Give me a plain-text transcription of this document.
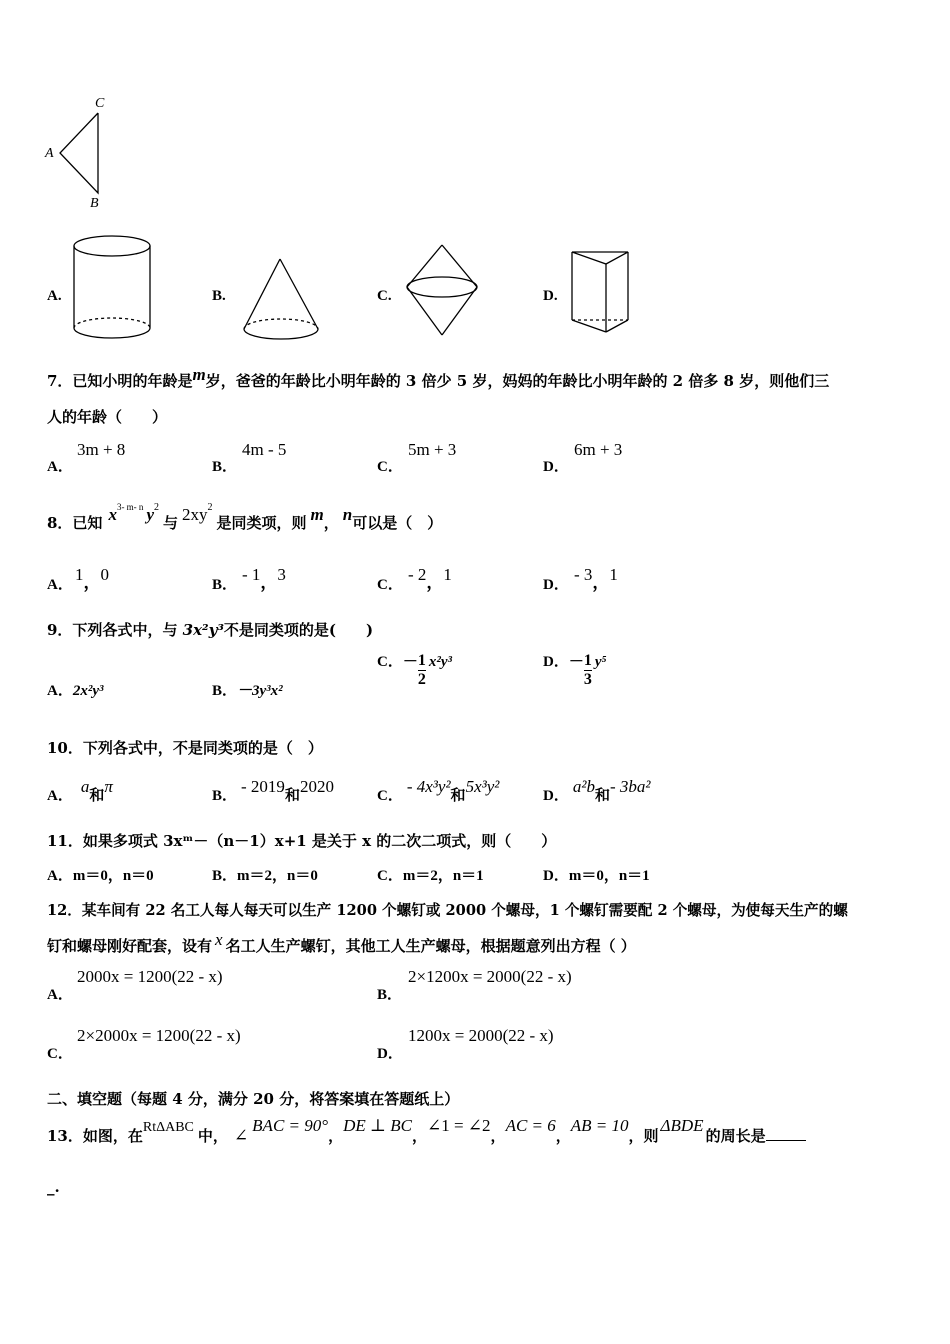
C
A
B
A.	B.	C.	D.
7．已知小明的年龄是m岁，爸爸的年龄比小明年龄的 3 倍少 5 岁，妈妈的年龄比小明年龄的 2 倍多 8 岁，则他们三
人的年龄（　　）
A．
3m + 8
B．
4m - 5
C．
5m + 3
D．
6m + 3
8．已知 $x^{3- m- n}$ $y^2$与 $2xy^2$是同类项，则 m， n可以是（　）
A．
1，0
B．
- 1，3
C．
- 2，1
D．
- 3，1
9．下列各式中，与 3x²y³不是同类项的是(　　)
A．2x²y³	B．－3y³x²
C．－ $\frac{1}{2} x^2y^3$	D．－ $\frac{1}{3} y^5$
10．下列各式中，不是同类项的是（　）
A． a和π	B． - 2019和2020	C． - 4x³y²和5x³y²	D． a²b和- 3ba²
11．如果多项式 3xᵐ－（n－1）x+1 是关于 x 的二次二项式，则（　　）
A．m＝0，n＝0	B．m＝2，n＝0	C．m＝2，n＝1	D．m＝0，n＝1
12．某车间有 22 名工人每人每天可以生产 1200 个螺钉或 2000 个螺母，1 个螺钉需要配 2 个螺母，为使每天生产的螺
钉和螺母刚好配套，设有 x 名工人生产螺钉，其他工人生产螺母，根据题意列出方程（ ）
A．
2000x = 1200(22 - x)
B．
2×1200x = 2000(22 - x)
C．
2×2000x = 1200(22 - x)
D．
1200x = 2000(22 - x)
二、填空题（每题 4 分，满分 20 分，将答案填在答题纸上）
13．如图，在RtΔABC 中， ∠BAC = 90°，DE ⊥ BC，∠1 = ∠2，AC = 6，AB = 10，则ΔBDE的周长是
_.
